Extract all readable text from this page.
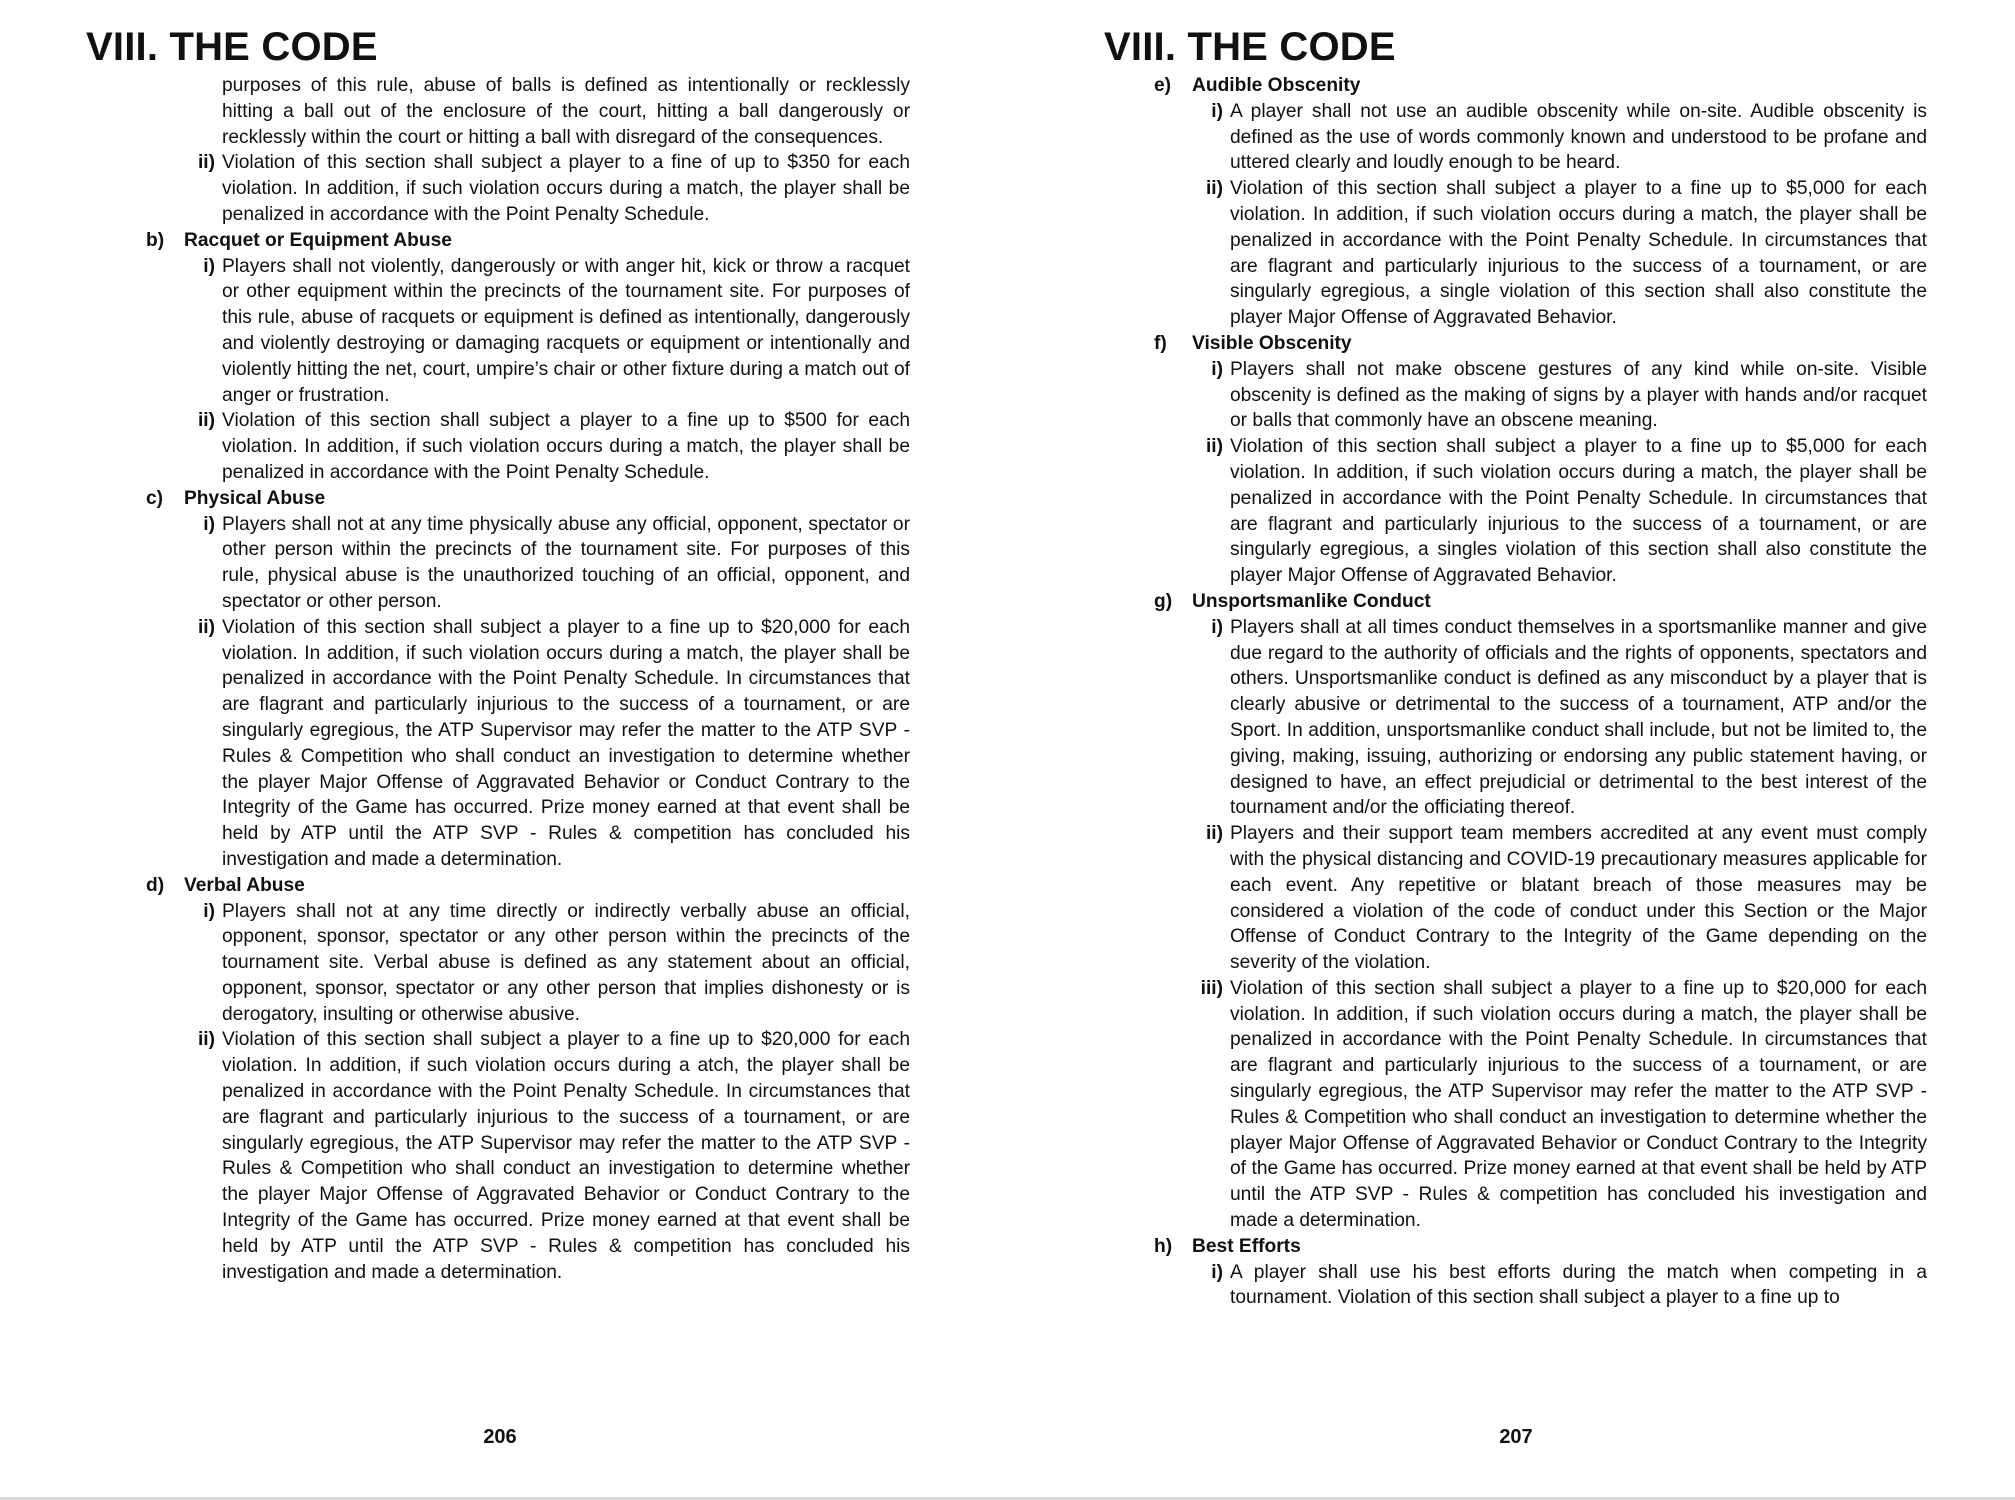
VIII. THE CODE

purposes of this rule, abuse of balls is defined as intentionally or recklessly hitting a ball out of the enclosure of the court, hitting a ball dangerously or recklessly within the court or hitting a ball with disregard of the consequences.

ii) Violation of this section shall subject a player to a fine of up to $350 for each violation. In addition, if such violation occurs during a match, the player shall be penalized in accordance with the Point Penalty Schedule.

b)	Racquet or Equipment Abuse
i) Players shall not violently, dangerously or with anger hit, kick or throw a racquet or other equipment within the precincts of the tournament site. For purposes of this rule, abuse of racquets or equipment is defined as intentionally, dangerously and violently destroying or damaging racquets or equipment or intentionally and violently hitting the net, court, umpire’s chair or other fixture during a match out of anger or frustration.

ii) Violation of this section shall subject a player to a fine up to $500 for each violation. In addition, if such violation occurs during a match, the player shall be penalized in accordance with the Point Penalty Schedule.

c)	Physical Abuse
i) Players shall not at any time physically abuse any official, opponent, spectator or other person within the precincts of the tournament site. For purposes of this rule, physical abuse is the unauthorized touching of an official, opponent, and spectator or other person.

ii) Violation of this section shall subject a player to a fine up to $20,000 for each violation. In addition, if such violation occurs during a match, the player shall be penalized in accordance with the Point Penalty Schedule. In circumstances that are flagrant and particularly injurious to the success of a tournament, or are singularly egregious, the ATP Supervisor may refer the matter to the ATP SVP - Rules & Competition who shall conduct an investigation to determine whether the player Major Offense of Aggravated Behavior or Conduct Contrary to the Integrity of the Game has occurred. Prize money earned at that event shall be held by ATP until the ATP SVP - Rules & competition has concluded his investigation and made a determination.

d)	Verbal Abuse
i) Players shall not at any time directly or indirectly verbally abuse an official, opponent, sponsor, spectator or any other person within the precincts of the tournament site. Verbal abuse is defined as any statement about an official, opponent, sponsor, spectator or any other person that implies dishonesty or is derogatory, insulting or otherwise abusive.

ii) Violation of this section shall subject a player to a fine up to $20,000 for each violation. In addition, if such violation occurs during a atch, the player shall be penalized in accordance with the Point Penalty Schedule. In circumstances that are flagrant and particularly injurious to the success of a tournament, or are singularly egregious, the ATP Supervisor may refer the matter to the ATP SVP - Rules & Competition who shall conduct an investigation to determine whether the player Major Offense of Aggravated Behavior or Conduct Contrary to the Integrity of the Game has occurred. Prize money earned at that event shall be held by ATP until the ATP SVP - Rules & competition has concluded his investigation and made a determination.

206
VIII. THE CODE
e)	Audible Obscenity
i) A player shall not use an audible obscenity while on-site. Audible obscenity is defined as the use of words commonly known and understood to be profane and uttered clearly and loudly enough to be heard.

ii) Violation of this section shall subject a player to a fine up to $5,000 for each violation. In addition, if such violation occurs during a match, the player shall be penalized in accordance with the Point Penalty Schedule. In circumstances that are flagrant and particularly injurious to the success of a tournament, or are singularly egregious, a single violation of this section shall also constitute the player Major Offense of Aggravated Behavior.

f)	Visible Obscenity
i) Players shall not make obscene gestures of any kind while on-site. Visible obscenity is defined as the making of signs by a player with hands and/or racquet or balls that commonly have an obscene meaning.

ii) Violation of this section shall subject a player to a fine up to $5,000 for each violation. In addition, if such violation occurs during a match, the player shall be penalized in accordance with the Point Penalty Schedule. In circumstances that are flagrant and particularly injurious to the success of a tournament, or are singularly egregious, a singles violation of this section shall also constitute the player Major Offense of Aggravated Behavior.

g)	Unsportsmanlike Conduct
i) Players shall at all times conduct themselves in a sportsmanlike manner and give due regard to the authority of officials and the rights of opponents, spectators and others. Unsportsmanlike conduct is defined as any misconduct by a player that is clearly abusive or detrimental to the success of a tournament, ATP and/or the Sport. In addition, unsportsmanlike conduct shall include, but not be limited to, the giving, making, issuing, authorizing or endorsing any public statement having, or designed to have, an effect prejudicial or detrimental to the best interest of the tournament and/or the officiating thereof.

ii) Players and their support team members accredited at any event must comply with the physical distancing and COVID-19 precautionary measures applicable for each event. Any repetitive or blatant breach of those measures may be considered a violation of the code of conduct under this Section or the Major Offense of Conduct Contrary to the Integrity of the Game depending on the severity of the violation.

iii) Violation of this section shall subject a player to a fine up to $20,000 for each violation. In addition, if such violation occurs during a match, the player shall be penalized in accordance with the Point Penalty Schedule. In circumstances that are flagrant and particularly injurious to the success of a tournament, or are singularly egregious, the ATP Supervisor may refer the matter to the ATP SVP - Rules & Competition who shall conduct an investigation to determine whether the player Major Offense of Aggravated Behavior or Conduct Contrary to the Integrity of the Game has occurred. Prize money earned at that event shall be held by ATP until the ATP SVP - Rules & competition has concluded his investigation and made a determination.

h)	Best Efforts
i) A player shall use his best efforts during the match when competing in a tournament. Violation of this section shall subject a player to a fine up to

207
